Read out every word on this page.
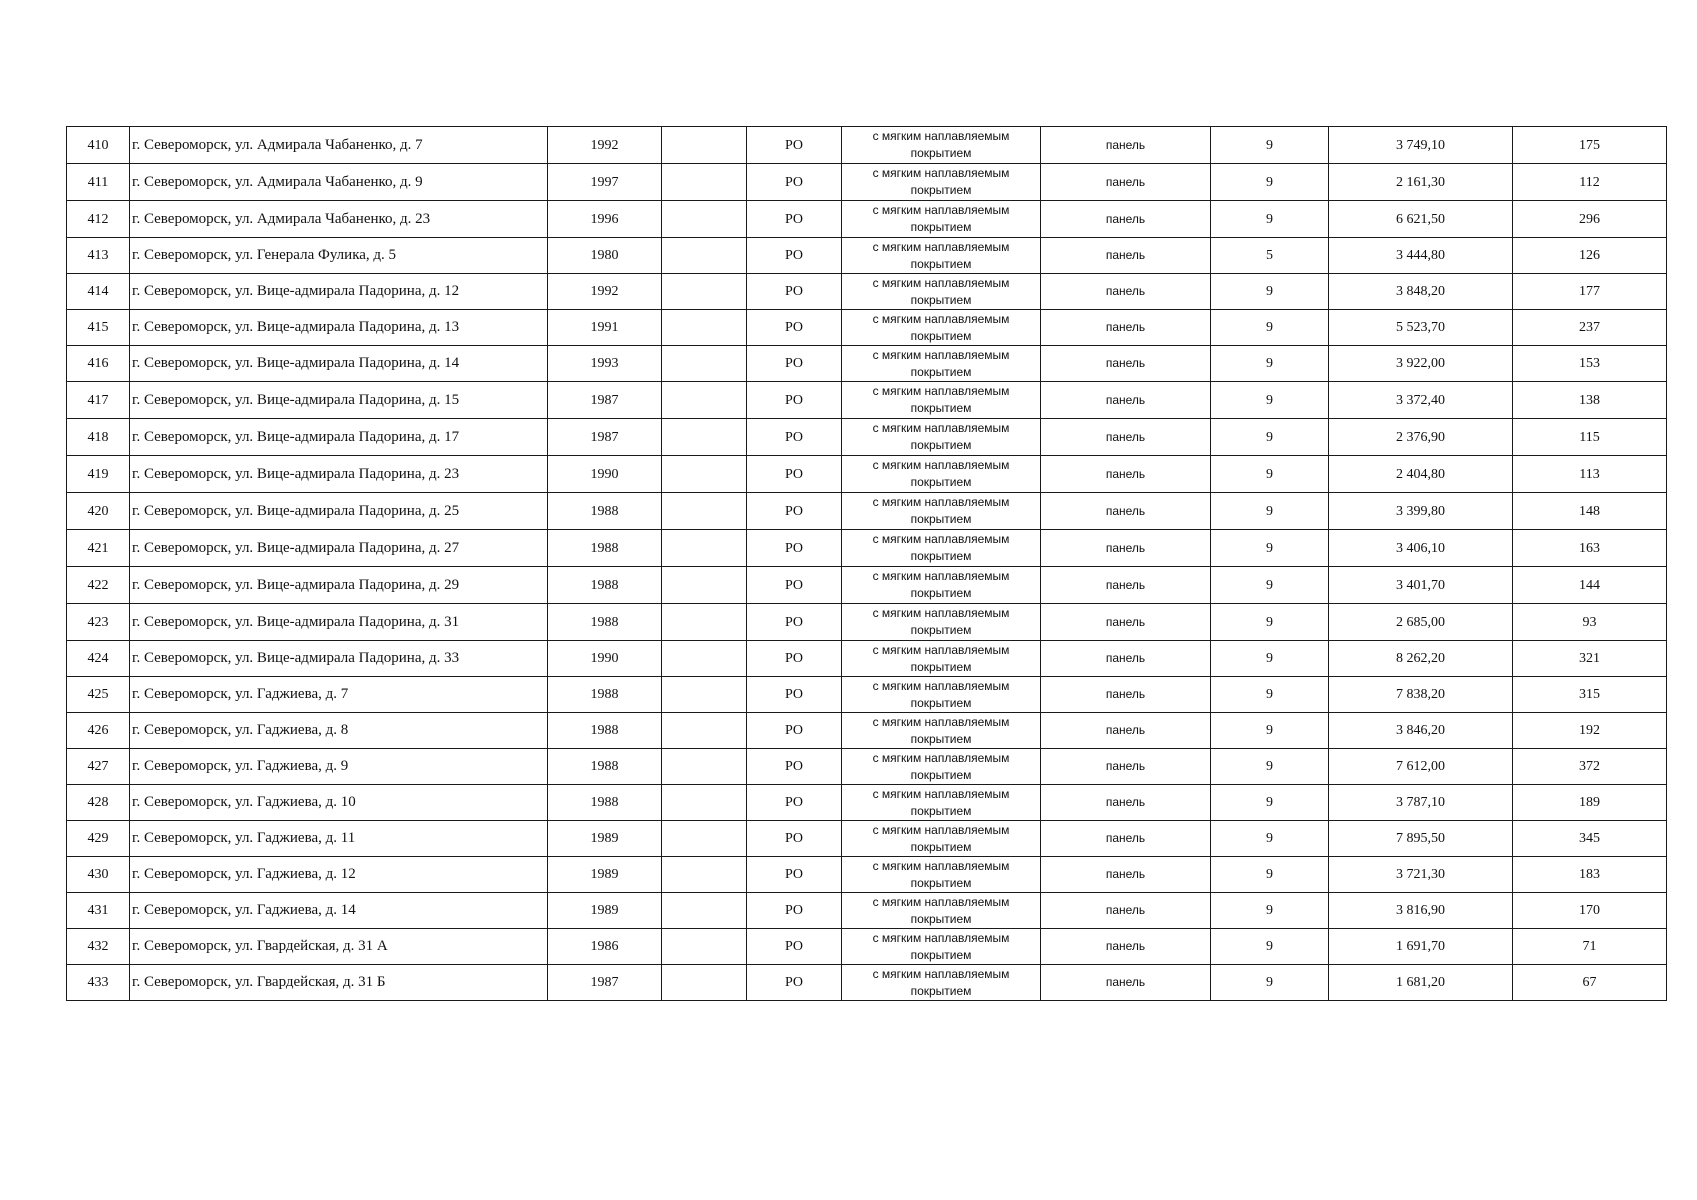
410	г. Североморск, ул. Адмирала Чабаненко, д. 7	1992		РО	с мягким наплавляемым покрытием	панель	9	3 749,10	175
411	г. Североморск, ул. Адмирала Чабаненко, д. 9	1997		РО	с мягким наплавляемым покрытием	панель	9	2 161,30	112
412	г. Североморск, ул. Адмирала Чабаненко, д. 23	1996		РО	с мягким наплавляемым покрытием	панель	9	6 621,50	296
413	г. Североморск, ул. Генерала Фулика, д. 5	1980		РО	с мягким наплавляемым покрытием	панель	5	3 444,80	126
414	г. Североморск, ул. Вице-адмирала Падорина, д. 12	1992		РО	с мягким наплавляемым покрытием	панель	9	3 848,20	177
415	г. Североморск, ул. Вице-адмирала Падорина, д. 13	1991		РО	с мягким наплавляемым покрытием	панель	9	5 523,70	237
416	г. Североморск, ул. Вице-адмирала Падорина, д. 14	1993		РО	с мягким наплавляемым покрытием	панель	9	3 922,00	153
417	г. Североморск, ул. Вице-адмирала Падорина, д. 15	1987		РО	с мягким наплавляемым покрытием	панель	9	3 372,40	138
418	г. Североморск, ул. Вице-адмирала Падорина, д. 17	1987		РО	с мягким наплавляемым покрытием	панель	9	2 376,90	115
419	г. Североморск, ул. Вице-адмирала Падорина, д. 23	1990		РО	с мягким наплавляемым покрытием	панель	9	2 404,80	113
420	г. Североморск, ул. Вице-адмирала Падорина, д. 25	1988		РО	с мягким наплавляемым покрытием	панель	9	3 399,80	148
421	г. Североморск, ул. Вице-адмирала Падорина, д. 27	1988		РО	с мягким наплавляемым покрытием	панель	9	3 406,10	163
422	г. Североморск, ул. Вице-адмирала Падорина, д. 29	1988		РО	с мягким наплавляемым покрытием	панель	9	3 401,70	144
423	г. Североморск, ул. Вице-адмирала Падорина, д. 31	1988		РО	с мягким наплавляемым покрытием	панель	9	2 685,00	93
424	г. Североморск, ул. Вице-адмирала Падорина, д. 33	1990		РО	с мягким наплавляемым покрытием	панель	9	8 262,20	321
425	г. Североморск, ул. Гаджиева, д. 7	1988		РО	с мягким наплавляемым покрытием	панель	9	7 838,20	315
426	г. Североморск, ул. Гаджиева, д. 8	1988		РО	с мягким наплавляемым покрытием	панель	9	3 846,20	192
427	г. Североморск, ул. Гаджиева, д. 9	1988		РО	с мягким наплавляемым покрытием	панель	9	7 612,00	372
428	г. Североморск, ул. Гаджиева, д. 10	1988		РО	с мягким наплавляемым покрытием	панель	9	3 787,10	189
429	г. Североморск, ул. Гаджиева, д. 11	1989		РО	с мягким наплавляемым покрытием	панель	9	7 895,50	345
430	г. Североморск, ул. Гаджиева, д. 12	1989		РО	с мягким наплавляемым покрытием	панель	9	3 721,30	183
431	г. Североморск, ул. Гаджиева, д. 14	1989		РО	с мягким наплавляемым покрытием	панель	9	3 816,90	170
432	г. Североморск, ул. Гвардейская, д. 31 А	1986		РО	с мягким наплавляемым покрытием	панель	9	1 691,70	71
433	г. Североморск, ул. Гвардейская, д. 31 Б	1987		РО	с мягким наплавляемым покрытием	панель	9	1 681,20	67
